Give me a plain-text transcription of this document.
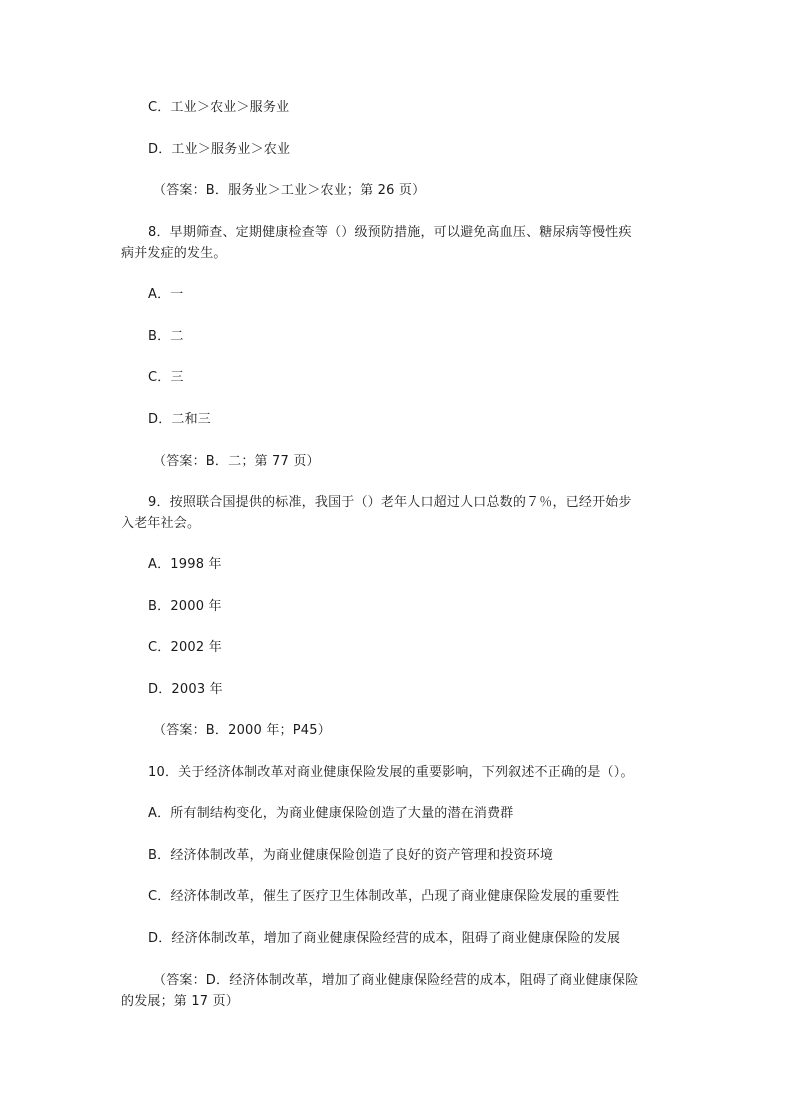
C．工业＞农业＞服务业
D．工业＞服务业＞农业
（答案：B．服务业＞工业＞农业；第 26 页）
8．早期筛查、定期健康检查等（）级预防措施，可以避免高血压、糖尿病等慢性疾
病并发症的发生。
A．一
B．二
C．三
D．二和三
（答案：B．二；第 77 页）
9．按照联合国提供的标准，我国于（）老年人口超过人口总数的７％，已经开始步
入老年社会。
A．1998 年
B．2000 年
C．2002 年
D．2003 年
（答案：B．2000 年；P45）
10．关于经济体制改革对商业健康保险发展的重要影响，下列叙述不正确的是（）。
A．所有制结构变化，为商业健康保险创造了大量的潜在消费群
B．经济体制改革，为商业健康保险创造了良好的资产管理和投资环境
C．经济体制改革，催生了医疗卫生体制改革，凸现了商业健康保险发展的重要性
D．经济体制改革，增加了商业健康保险经营的成本，阻碍了商业健康保险的发展
（答案：D．经济体制改革，增加了商业健康保险经营的成本，阻碍了商业健康保险
的发展；第 17 页）
